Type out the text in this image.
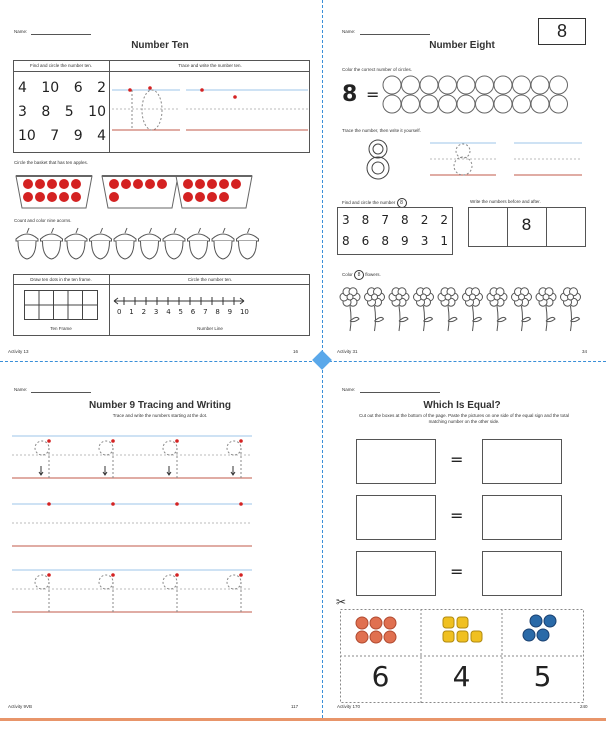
Name:
Number Ten
Find and circle the number ten.	Trace and write the number ten.
4 10 6 2
3 8 5 10
10 7 9 4
Circle the basket that has ten apples.
Count and color nine acorns.
Draw ten dots in the ten frame.	Circle the number ten.
Ten Frame
0 1 2 3 4 5 6 7 8 9 10
Number Line
Activity 13	16
Name:	8
Number Eight
Color the correct number of circles.
8 =
Trace the number, then write it yourself.
Find and circle the number 8	Write the numbers before and after.
3 8 7 8 2 2
8 6 8 9 3 1
8
Color 8 flowers.
Activity 31	34
Name:
Number 9 Tracing and Writing
Trace and write the numbers starting at the dot.
Activity 9VB	117
Name:
Which Is Equal?
Cut out the boxes at the bottom of the page. Paste the pictures on one side of the equal sign and the total matching number on the other side.
=
=
=
✂
6	4	5
Activity 170	240
